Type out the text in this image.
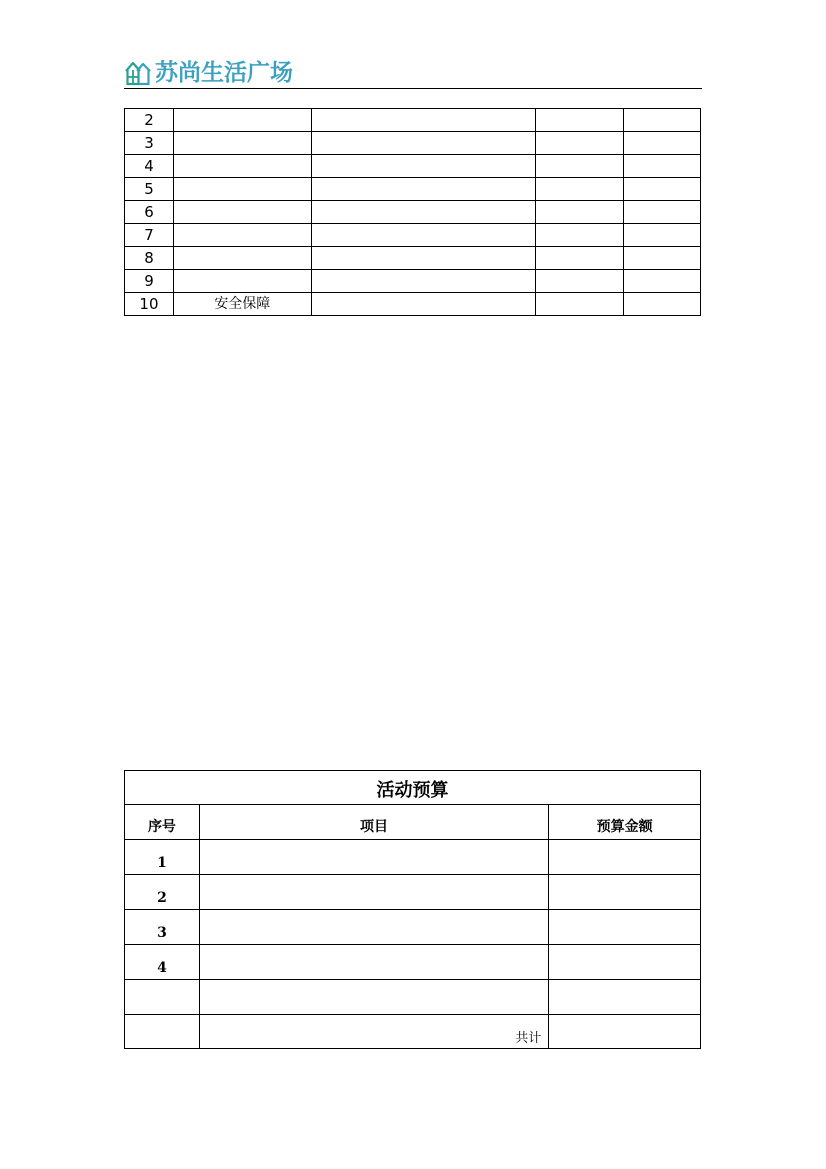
苏尚生活广场
2				
3				
4				
5				
6				
7				
8				
9				
10	安全保障			
活动预算		
序号	项目	预算金额
1		
2		
3		
4		

	共计	
